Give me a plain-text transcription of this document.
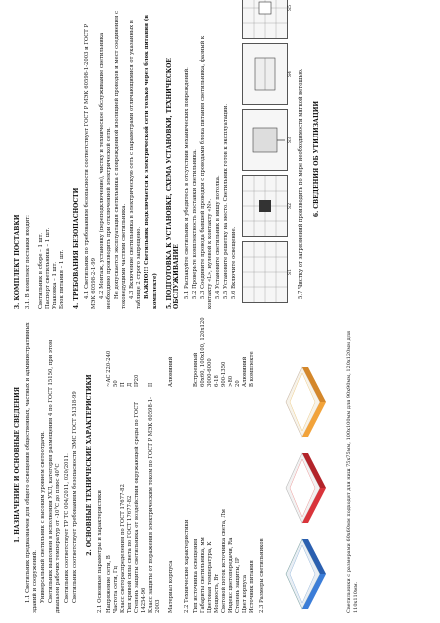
1. НАЗНАЧЕНИЕ И ОСНОВНЫЕ СВЕДЕНИЯ 1.1 Светильник предназначен для общего освещения общественных, частных и административных зданий и сооружений. Универсальный светильник с высоким уровнем светоотдачи. Светильник выполнен в исполнении УХЛ, категория размещения 4 по ГОСТ 15150, при этом диапазон рабочих температур от -10°С до плюс 40°С Светильник соответствует ТР ТС 004/2011, 020/2011. Светильник соответствует требованиям безопасности ЭМС ГОСТ 51318-99 2. ОСНОВНЫЕ ТЕХНИЧЕСКИЕ ХАРАКТЕРИСТИКИ 2.1 Основные параметры и характеристики Напряжение сети, В	~АС 220-240
Частота сети, Гц	50
Класс светораспределения по ГОСТ 17677-82	П
Тип кривой силы света по ГОСТ 17677-82	Д
Степень защиты светильника от воздействия окружающей среды по ГОСТ 14254-96	IP20
Класс защиты от поражения электрическим током по ГОСТ Р МЭК 60598-1-2003	II
Материал корпуса	Алюминий
2.2 Технические характеристики Тип источника освещения	Встроенный
Габариты светильника, мм	60х60, 100х100, 120х120
Цветовая температура, К	3000-6000
Мощность, Вт	6-18
Световой поток источника света, Лм	900-1350
Индекс цветопередачи, Ra	>80
Степень защиты, IP	20
Цвет корпуса	Алюминий
Источник питания	В комплекте
2.3 Размеры светильников	Светильники с размерами 60х60мм подходят для ниш 75х75мм, 100х100мм для 90х90мм, 120х120мм для 110х110мм.
3. КОМПЛЕКТ ПОСТАВКИ 3.1. В комплект поставки входит: Светильник в сборе – 1 шт. Паспорт светильника – 1 шт. Упаковка – 1 шт. Блок питания – 1 шт. 4. ТРЕБОВАНИЯ БЕЗОПАСНОСТИ 4.1 Светильник по требованиям безопасности соответствует ГОСТ Р МЭК 60598-1-2003 и ГОСТ Р МЭК 60598-2-1-99 4.2 Монтаж, установку (переподключение), чистку и техническое обслуживание светильника необходимо производить при отключенной электрической сети. Не допускается эксплуатация светильника с поврежденной изоляцией проводов и мест соединения с токоведущими частями светильника. 4.3 Включение светильника в электрическую сеть с параметрами отличающимися от указанных в таблице 2 строго запрещено. ВАЖНО!!! Светильник подключается к электрической сети только через блок питания (в комплекте) 5. ПОДГОТОВКА К УСТАНОВКЕ, СХЕМА УСТАНОВКИ, ТЕХНИЧЕСКОЕ ОБСЛУЖИВАНИЕ 5.1 Распакуйте светильник и убедитесь в отсутствии механических повреждений. 5.2 Проверьте комплектность поставки светильника. 5.3 Соедините провода бывшей проводки с проводами блока питания светильника, фазный к контакту «L», нулевой к контакту «N». 5.4 Установите светильник в нишу потолка. 5.5 Установите решетку на место. Светильник готов к эксплуатации. 5.6 Включите освещение.	S1
S2
S3
S4
S5

5.7 Чистку от загрязнений производить по мере необходимости мягкой ветошью. 6. СВЕДЕНИЯ ОБ УТИЛИЗАЦИИ
